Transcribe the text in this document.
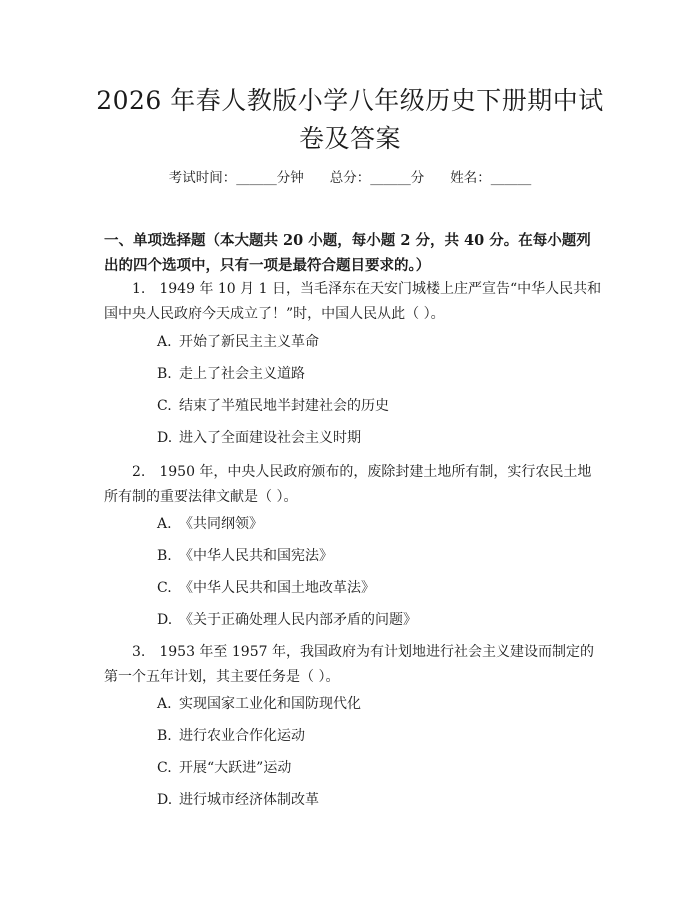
2026 年春人教版小学八年级历史下册期中试卷及答案
考试时间：______分钟 总分：______分 姓名：______
一、单项选择题（本大题共 20 小题，每小题 2 分，共 40 分。在每小题列出的四个选项中，只有一项是最符合题目要求的。）
1.　1949 年 10 月 1 日，当毛泽东在天安门城楼上庄严宣告“中华人民共和国中央人民政府今天成立了！”时，中国人民从此（ ）。
A. 开始了新民主主义革命
B. 走上了社会主义道路
C. 结束了半殖民地半封建社会的历史
D. 进入了全面建设社会主义时期
2.　1950 年，中央人民政府颁布的，废除封建土地所有制，实行农民土地所有制的重要法律文献是（ ）。
A. 《共同纲领》
B. 《中华人民共和国宪法》
C. 《中华人民共和国土地改革法》
D. 《关于正确处理人民内部矛盾的问题》
3.　1953 年至 1957 年，我国政府为有计划地进行社会主义建设而制定的第一个五年计划，其主要任务是（ ）。
A. 实现国家工业化和国防现代化
B. 进行农业合作化运动
C. 开展“大跃进”运动
D. 进行城市经济体制改革
